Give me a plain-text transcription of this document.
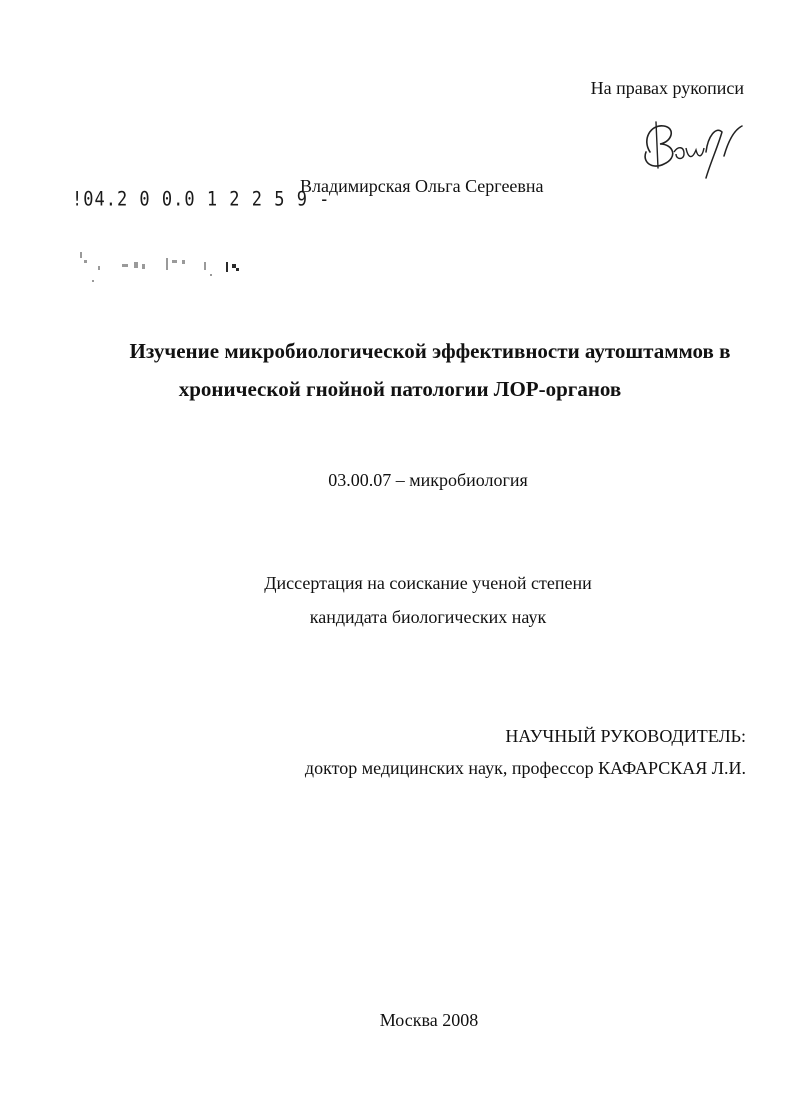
На правах рукописи
!04.2 0 0.0 1 2 2 5 9 -
Владимирская Ольга Сергеевна
Изучение микробиологической эффективности аутоштаммов в
хронической гнойной патологии ЛОР-органов
03.00.07 – микробиология
Диссертация на соискание ученой степени
кандидата биологических наук
НАУЧНЫЙ РУКОВОДИТЕЛЬ:
доктор медицинских наук, профессор КАФАРСКАЯ Л.И.
Москва 2008
